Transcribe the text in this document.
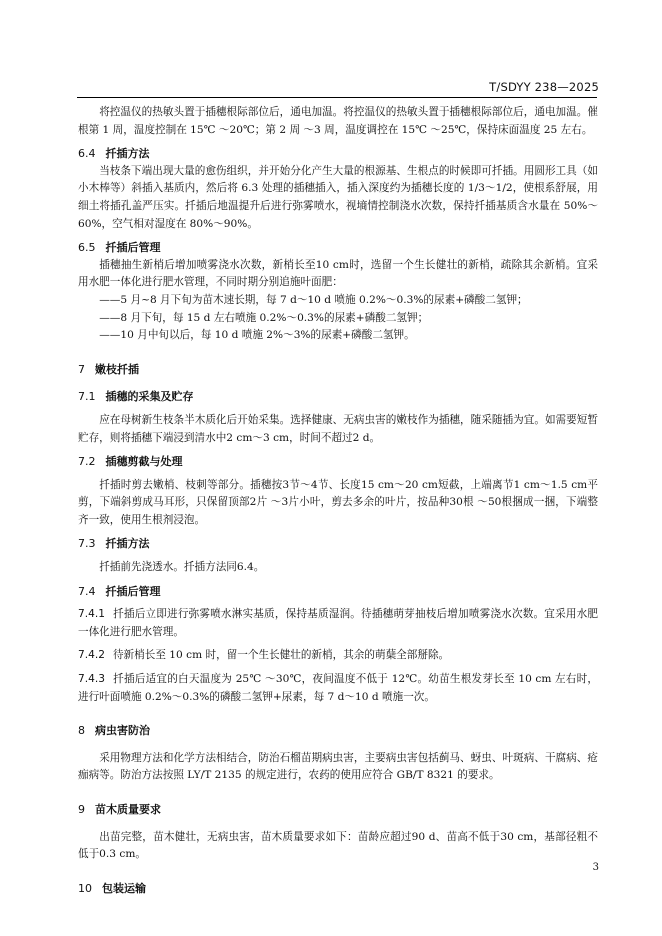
T/SDYY 238—2025

将控温仪的热敏头置于插穗根际部位后，通电加温。将控温仪的热敏头置于插穗根际部位后，通电加温。催根第 1 周，温度控制在 15℃ ～20℃；第 2 周 ～3 周，温度调控在 15℃ ～25℃，保持床面温度 25 左右。

6.4 扦插方法

当枝条下端出现大量的愈伤组织，并开始分化产生大量的根源基、生根点的时候即可扦插。用圆形工具（如小木棒等）斜插入基质内，然后将 6.3 处理的插穗插入，插入深度约为插穗长度的 1/3～1/2，使根系舒展，用细土将插孔盖严压实。扦插后地温提升后进行弥雾喷水，视墒情控制浇水次数，保持扦插基质含水量在 50%～60%，空气相对湿度在 80%～90%。

6.5 扦插后管理

插穗抽生新梢后增加喷雾浇水次数，新梢长至10 cm时，选留一个生长健壮的新梢，疏除其余新梢。宜采用水肥一体化进行肥水管理，不同时期分别追施叶面肥：

——5 月~8 月下旬为苗木速长期，每 7 d～10 d 喷施 0.2%～0.3%的尿素+磷酸二氢钾；

——8 月下旬，每 15 d 左右喷施 0.2%～0.3%的尿素+磷酸二氢钾；

——10 月中旬以后，每 10 d 喷施 2%～3%的尿素+磷酸二氢钾。

7 嫩枝扦插

7.1 插穗的采集及贮存

应在母树新生枝条半木质化后开始采集。选择健康、无病虫害的嫩枝作为插穗，随采随插为宜。如需要短暂贮存，则将插穗下端浸到清水中2 cm～3 cm，时间不超过2 d。

7.2 插穗剪截与处理

扦插时剪去嫩梢、枝刺等部分。插穗按3节～4节、长度15 cm～20 cm短截，上端离节1 cm～1.5 cm平剪，下端斜剪成马耳形，只保留顶部2片 ～3片小叶，剪去多余的叶片，按品种30根 ～50根捆成一捆，下端整齐一致，使用生根剂浸泡。

7.3 扦插方法

扦插前先浇透水。扦插方法同6.4。

7.4 扦插后管理

7.4.1 扦插后立即进行弥雾喷水淋实基质，保持基质湿润。待插穗萌芽抽枝后增加喷雾浇水次数。宜采用水肥一体化进行肥水管理。

7.4.2 待新梢长至 10 cm 时，留一个生长健壮的新梢，其余的萌蘖全部掰除。

7.4.3 扦插后适宜的白天温度为 25℃ ～30℃，夜间温度不低于 12℃。幼苗生根发芽长至 10 cm 左右时，进行叶面喷施 0.2%～0.3%的磷酸二氢钾+尿素，每 7 d～10 d 喷施一次。

8 病虫害防治

采用物理方法和化学方法相结合，防治石榴苗期病虫害，主要病虫害包括蓟马、蚜虫、叶斑病、干腐病、疮痂病等。防治方法按照 LY/T 2135 的规定进行，农药的使用应符合 GB/T 8321 的要求。

9 苗木质量要求

出苗完整，苗木健壮，无病虫害，苗木质量要求如下：苗龄应超过90 d、苗高不低于30 cm，基部径粗不低于0.3 cm。

10 包装运输

3
